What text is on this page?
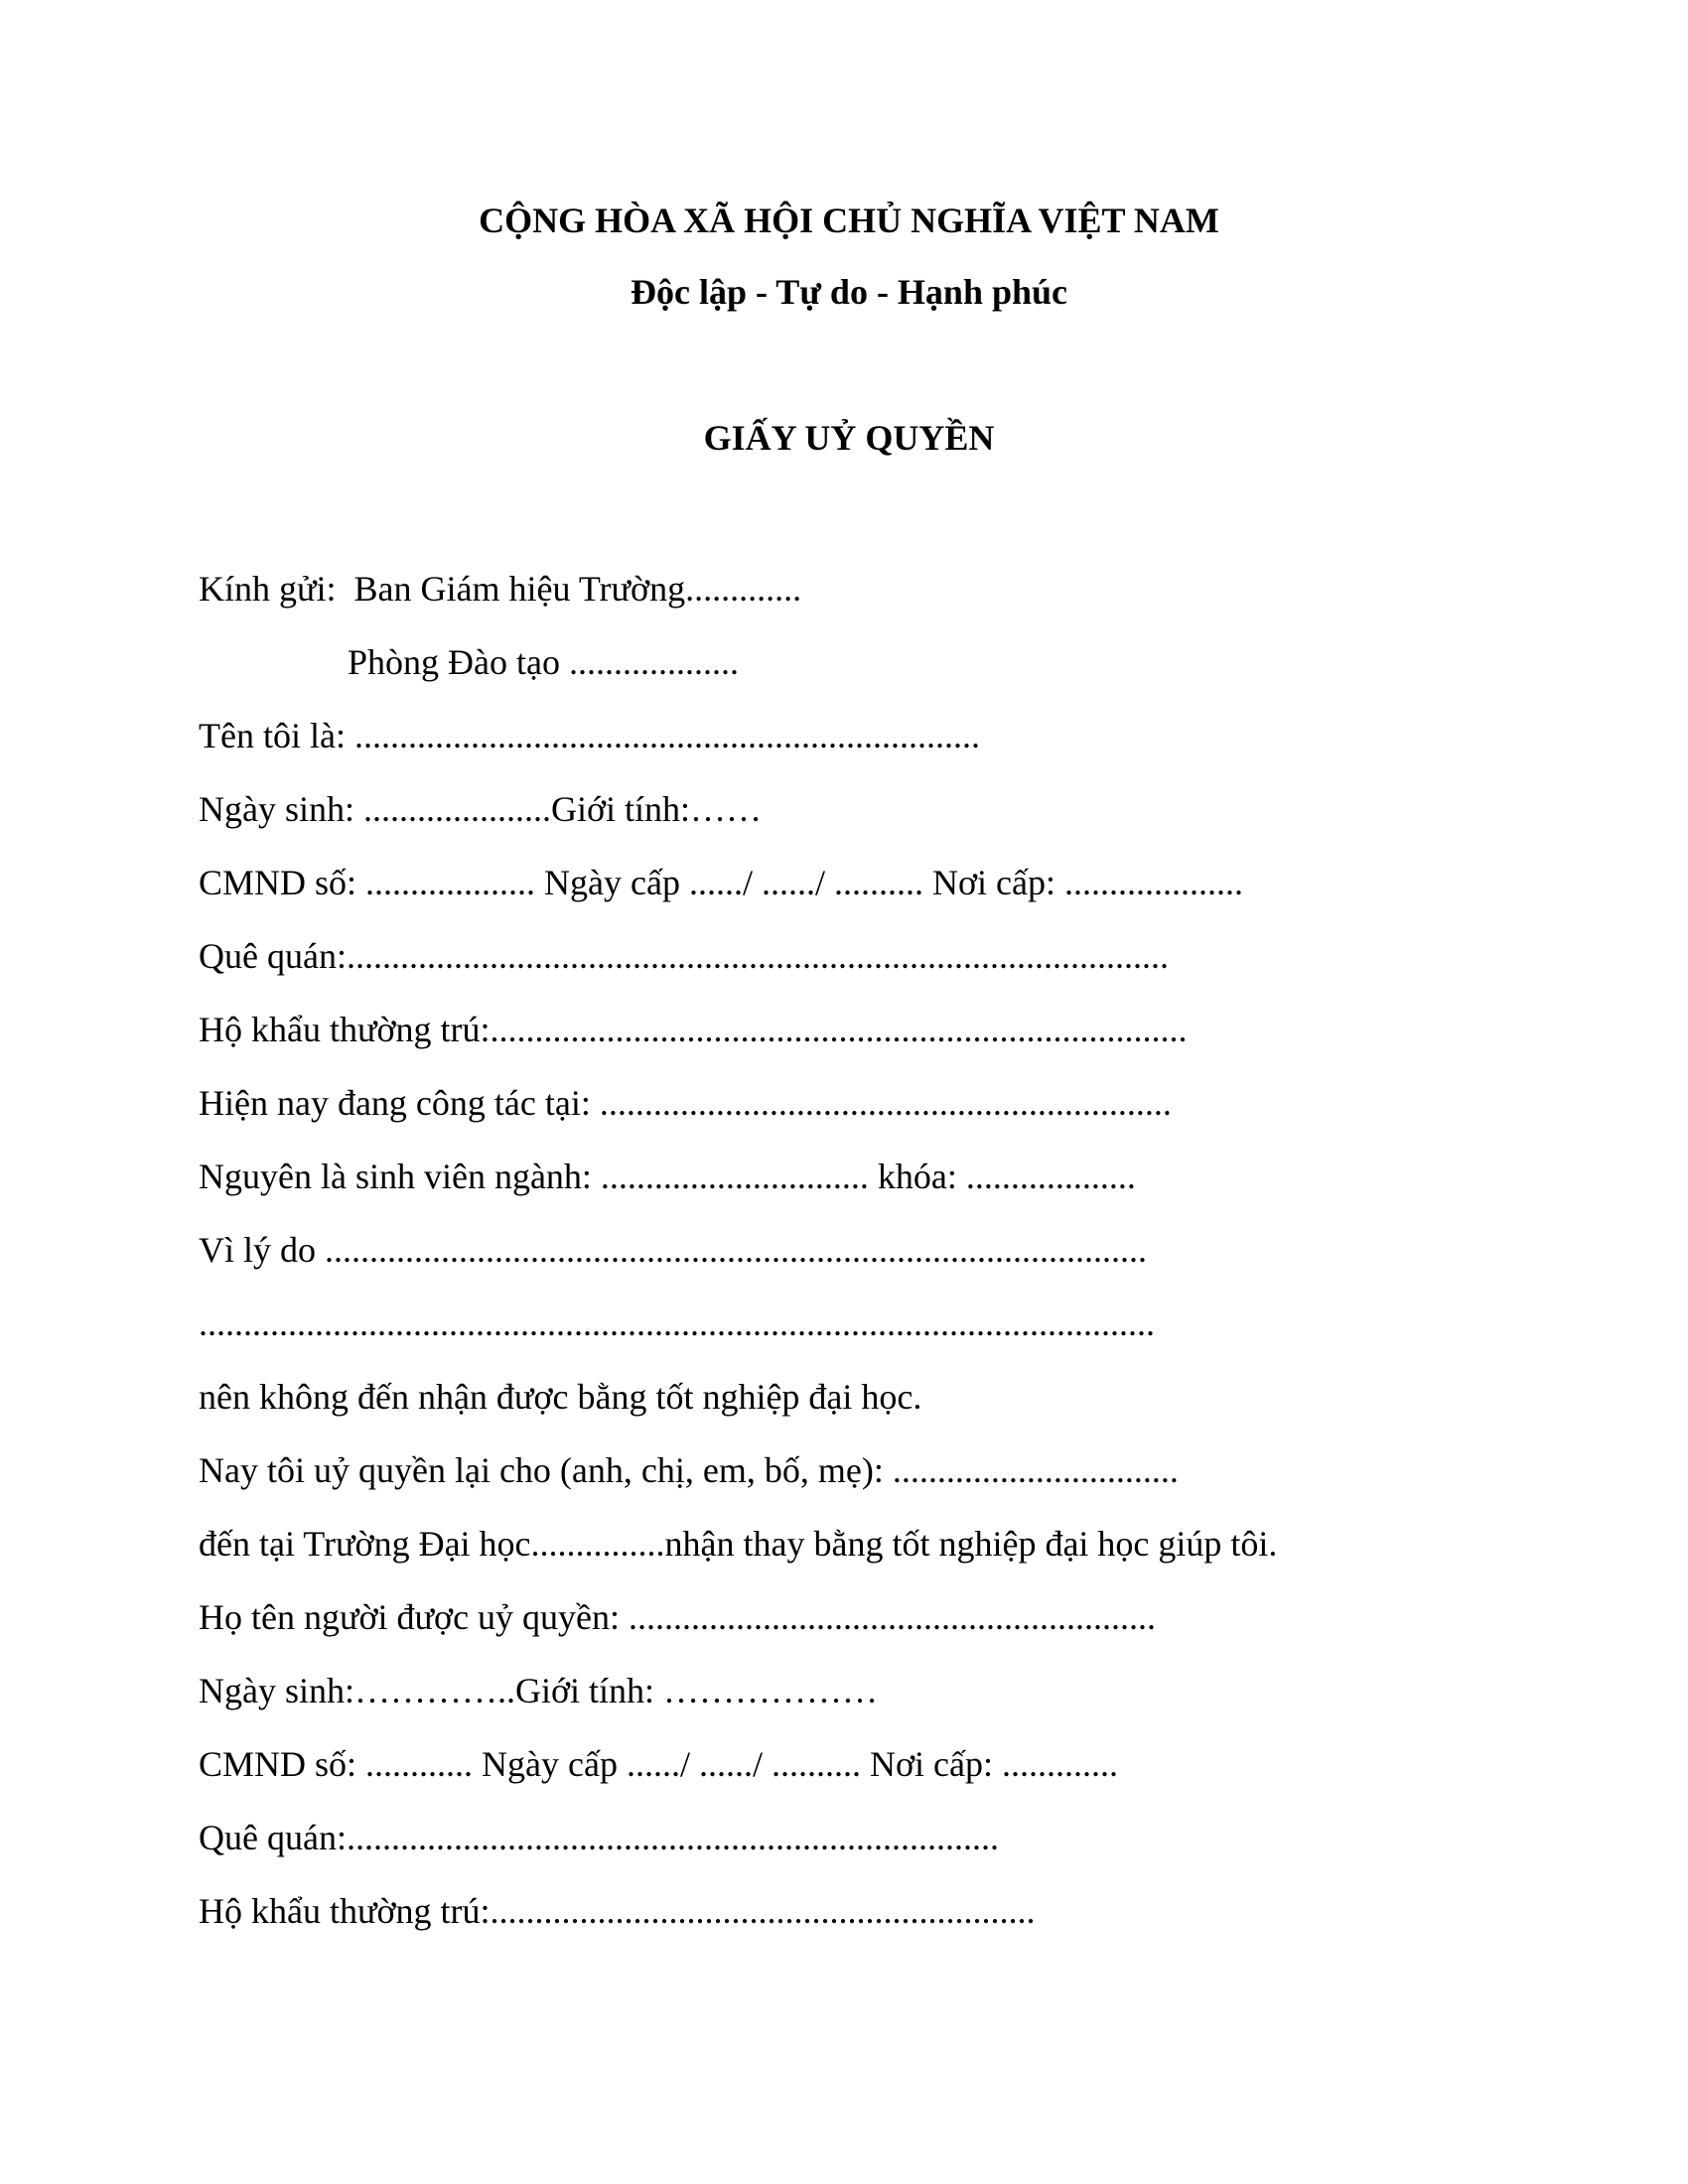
CỘNG HÒA XÃ HỘI CHỦ NGHĨA VIỆT NAM
Độc lập - Tự do - Hạnh phúc
GIẤY UỶ QUYỀN

Kính gửi:  Ban Giám hiệu Trường.............

Phòng Đào tạo ...................

Tên tôi là: ......................................................................

Ngày sinh: .....................Giới tính:……

CMND số: ................... Ngày cấp ....../ ....../ .......... Nơi cấp: ....................

Quê quán:............................................................................................

Hộ khẩu thường trú:..............................................................................

Hiện nay đang công tác tại: ................................................................

Nguyên là sinh viên ngành: .............................. khóa: ...................

Vì lý do ............................................................................................

...........................................................................................................

nên không đến nhận được bằng tốt nghiệp đại học.

Nay tôi uỷ quyền lại cho (anh, chị, em, bố, mẹ): ................................

đến tại Trường Đại học...............nhận thay bằng tốt nghiệp đại học giúp tôi.

Họ tên người được uỷ quyền: ...........................................................

Ngày sinh:…………..Giới tính: ………………

CMND số: ............ Ngày cấp ....../ ....../ .......... Nơi cấp: .............

Quê quán:.........................................................................

Hộ khẩu thường trú:.............................................................
